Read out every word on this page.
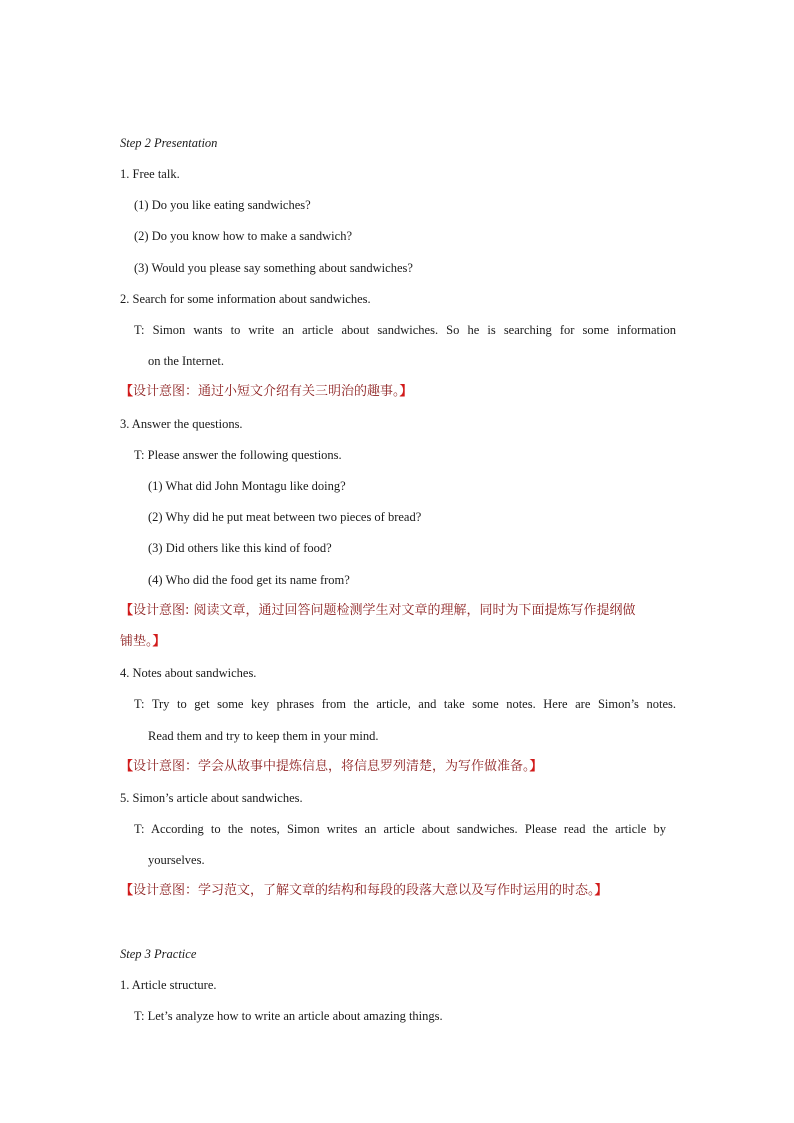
Step 2 Presentation
1. Free talk.
(1) Do you like eating sandwiches?
(2) Do you know how to make a sandwich?
(3) Would you please say something about sandwiches?
2. Search for some information about sandwiches.
T: Simon wants to write an article about sandwiches. So he is searching for some information
on the Internet.
【设计意图：通过小短文介绍有关三明治的趣事。】
3. Answer the questions.
T: Please answer the following questions.
(1) What did John Montagu like doing?
(2) Why did he put meat between two pieces of bread?
(3) Did others like this kind of food?
(4) Who did the food get its name from?
【设计意图: 阅读文章，通过回答问题检测学生对文章的理解，同时为下面提炼写作提纲做
铺垫。】
4. Notes about sandwiches.
T: Try to get some key phrases from the article, and take some notes. Here are Simon’s notes.
Read them and try to keep them in your mind.
【设计意图：学会从故事中提炼信息，将信息罗列清楚，为写作做准备。】
5. Simon’s article about sandwiches.
T: According to the notes, Simon writes an article about sandwiches. Please read the article by
yourselves.
【设计意图：学习范文，了解文章的结构和每段的段落大意以及写作时运用的时态。】
Step 3 Practice
1. Article structure.
T: Let’s analyze how to write an article about amazing things.
